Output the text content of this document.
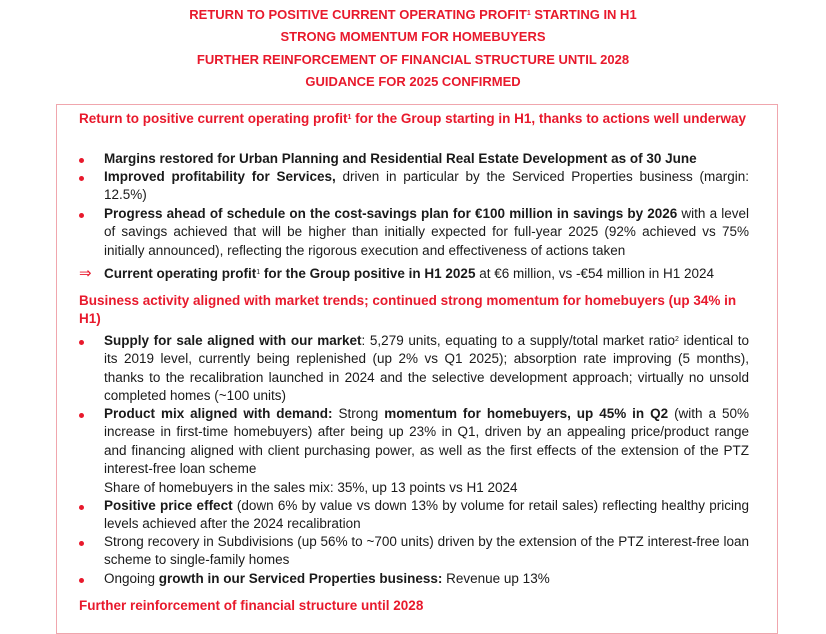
RETURN TO POSITIVE CURRENT OPERATING PROFIT$^1$ STARTING IN H1
STRONG MOMENTUM FOR HOMEBUYERS
FURTHER REINFORCEMENT OF FINANCIAL STRUCTURE UNTIL 2028
GUIDANCE FOR 2025 CONFIRMED
Return to positive current operating profit$^1$ for the Group starting in H1, thanks to actions well underway
Margins restored for Urban Planning and Residential Real Estate Development as of 30 June
Improved profitability for Services, driven in particular by the Serviced Properties business (margin: 12.5%)
Progress ahead of schedule on the cost-savings plan for €100 million in savings by 2026 with a level of savings achieved that will be higher than initially expected for full-year 2025 (92% achieved vs 75% initially announced), reflecting the rigorous execution and effectiveness of actions taken
⇒ Current operating profit$^1$ for the Group positive in H1 2025 at €6 million, vs -€54 million in H1 2024
Business activity aligned with market trends; continued strong momentum for homebuyers (up 34% in H1)
Supply for sale aligned with our market: 5,279 units, equating to a supply/total market ratio$^2$ identical to its 2019 level, currently being replenished (up 2% vs Q1 2025); absorption rate improving (5 months), thanks to the recalibration launched in 2024 and the selective development approach; virtually no unsold completed homes (~100 units)
Product mix aligned with demand: Strong momentum for homebuyers, up 45% in Q2 (with a 50% increase in first-time homebuyers) after being up 23% in Q1, driven by an appealing price/product range and financing aligned with client purchasing power, as well as the first effects of the extension of the PTZ interest-free loan scheme
Share of homebuyers in the sales mix: 35%, up 13 points vs H1 2024
Positive price effect (down 6% by value vs down 13% by volume for retail sales) reflecting healthy pricing levels achieved after the 2024 recalibration
Strong recovery in Subdivisions (up 56% to ~700 units) driven by the extension of the PTZ interest-free loan scheme to single-family homes
Ongoing growth in our Serviced Properties business: Revenue up 13%
Further reinforcement of financial structure until 2028
